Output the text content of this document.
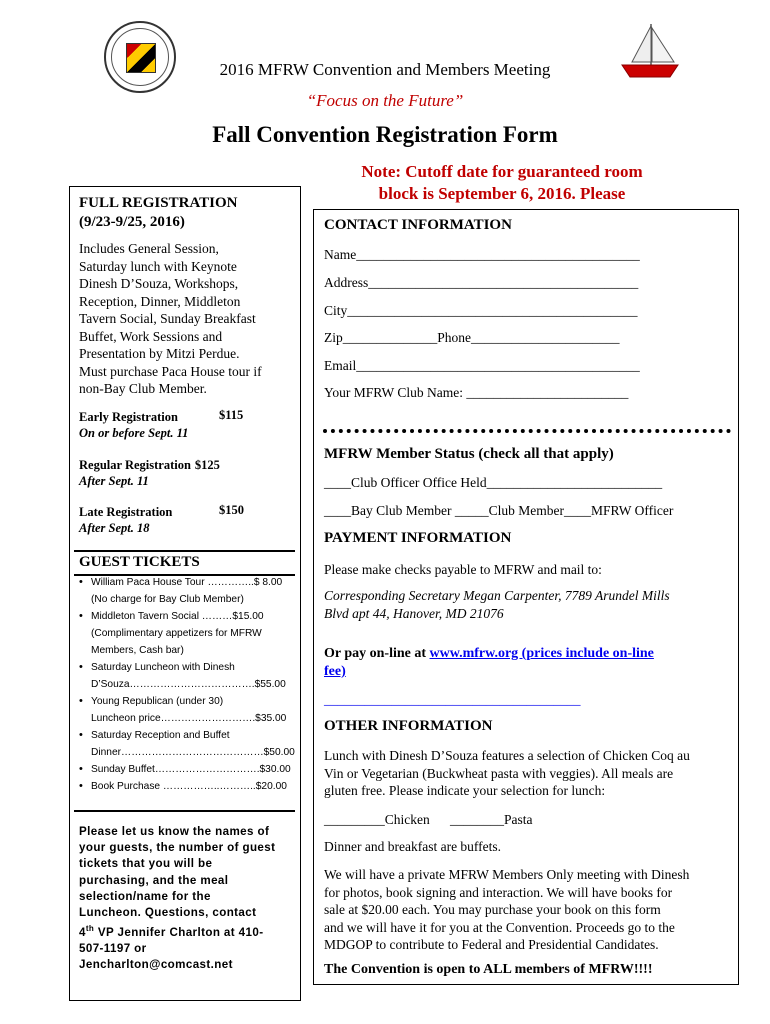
2016 MFRW Convention and Members Meeting
“Focus on the Future”
Fall Convention Registration Form
Note: Cutoff date for guaranteed room
block is September 6, 2016. Please
FULL REGISTRATION
(9/23-9/25, 2016)
Includes General Session,
Saturday lunch with Keynote
Dinesh D’Souza, Workshops,
Reception, Dinner, Middleton
Tavern Social, Sunday Breakfast
Buffet, Work Sessions and
Presentation by Mitzi Perdue.
Must purchase Paca House tour if
non-Bay Club Member.
Early Registration	$115
On or before Sept. 11
Regular Registration $125
After Sept. 11
Late Registration	$150
After Sept. 18
GUEST TICKETS
• William Paca House Tour …………..$ 8.00
(No charge for Bay Club Member)
• Middleton Tavern Social ………$15.00
(Complimentary appetizers for MFRW
Members, Cash bar)
• Saturday Luncheon with Dinesh
D’Souza……………………………….$55.00
• Young Republican (under 30)
Luncheon price……………………….$35.00
• Saturday Reception and Buffet
Dinner……………………………………$50.00
• Sunday Buffet………………………….$30.00
• Book Purchase ……………..………..$20.00
Please let us know the names of
your guests, the number of guest
tickets that you will be
purchasing, and the meal
selection/name for the
Luncheon. Questions, contact
4th VP Jennifer Charlton at 410-
507-1197 or
Jencharlton@comcast.net
CONTACT INFORMATION
Name__________________________________________
Address________________________________________
City___________________________________________
Zip______________Phone______________________
Email__________________________________________
Your MFRW Club Name: ________________________
MFRW Member Status (check all that apply)
____Club Officer Office Held__________________________
____Bay Club Member _____Club Member____MFRW Officer
PAYMENT INFORMATION
Please make checks payable to MFRW and mail to:
Corresponding Secretary Megan Carpenter, 7789 Arundel Mills
Blvd apt 44, Hanover, MD 21076
Or pay on-line at www.mfrw.org (prices include on-line
fee)
______________________________________
OTHER INFORMATION
Lunch with Dinesh D’Souza features a selection of Chicken Coq au
Vin or Vegetarian (Buckwheat pasta with veggies). All meals are
gluten free. Please indicate your selection for lunch:
_________Chicken      ________Pasta
Dinner and breakfast are buffets.
We will have a private MFRW Members Only meeting with Dinesh
for photos, book signing and interaction. We will have books for
sale at $20.00 each. You may purchase your book on this form
and we will have it for you at the Convention. Proceeds go to the
MDGOP to contribute to Federal and Presidential Candidates.
The Convention is open to ALL members of MFRW!!!!
